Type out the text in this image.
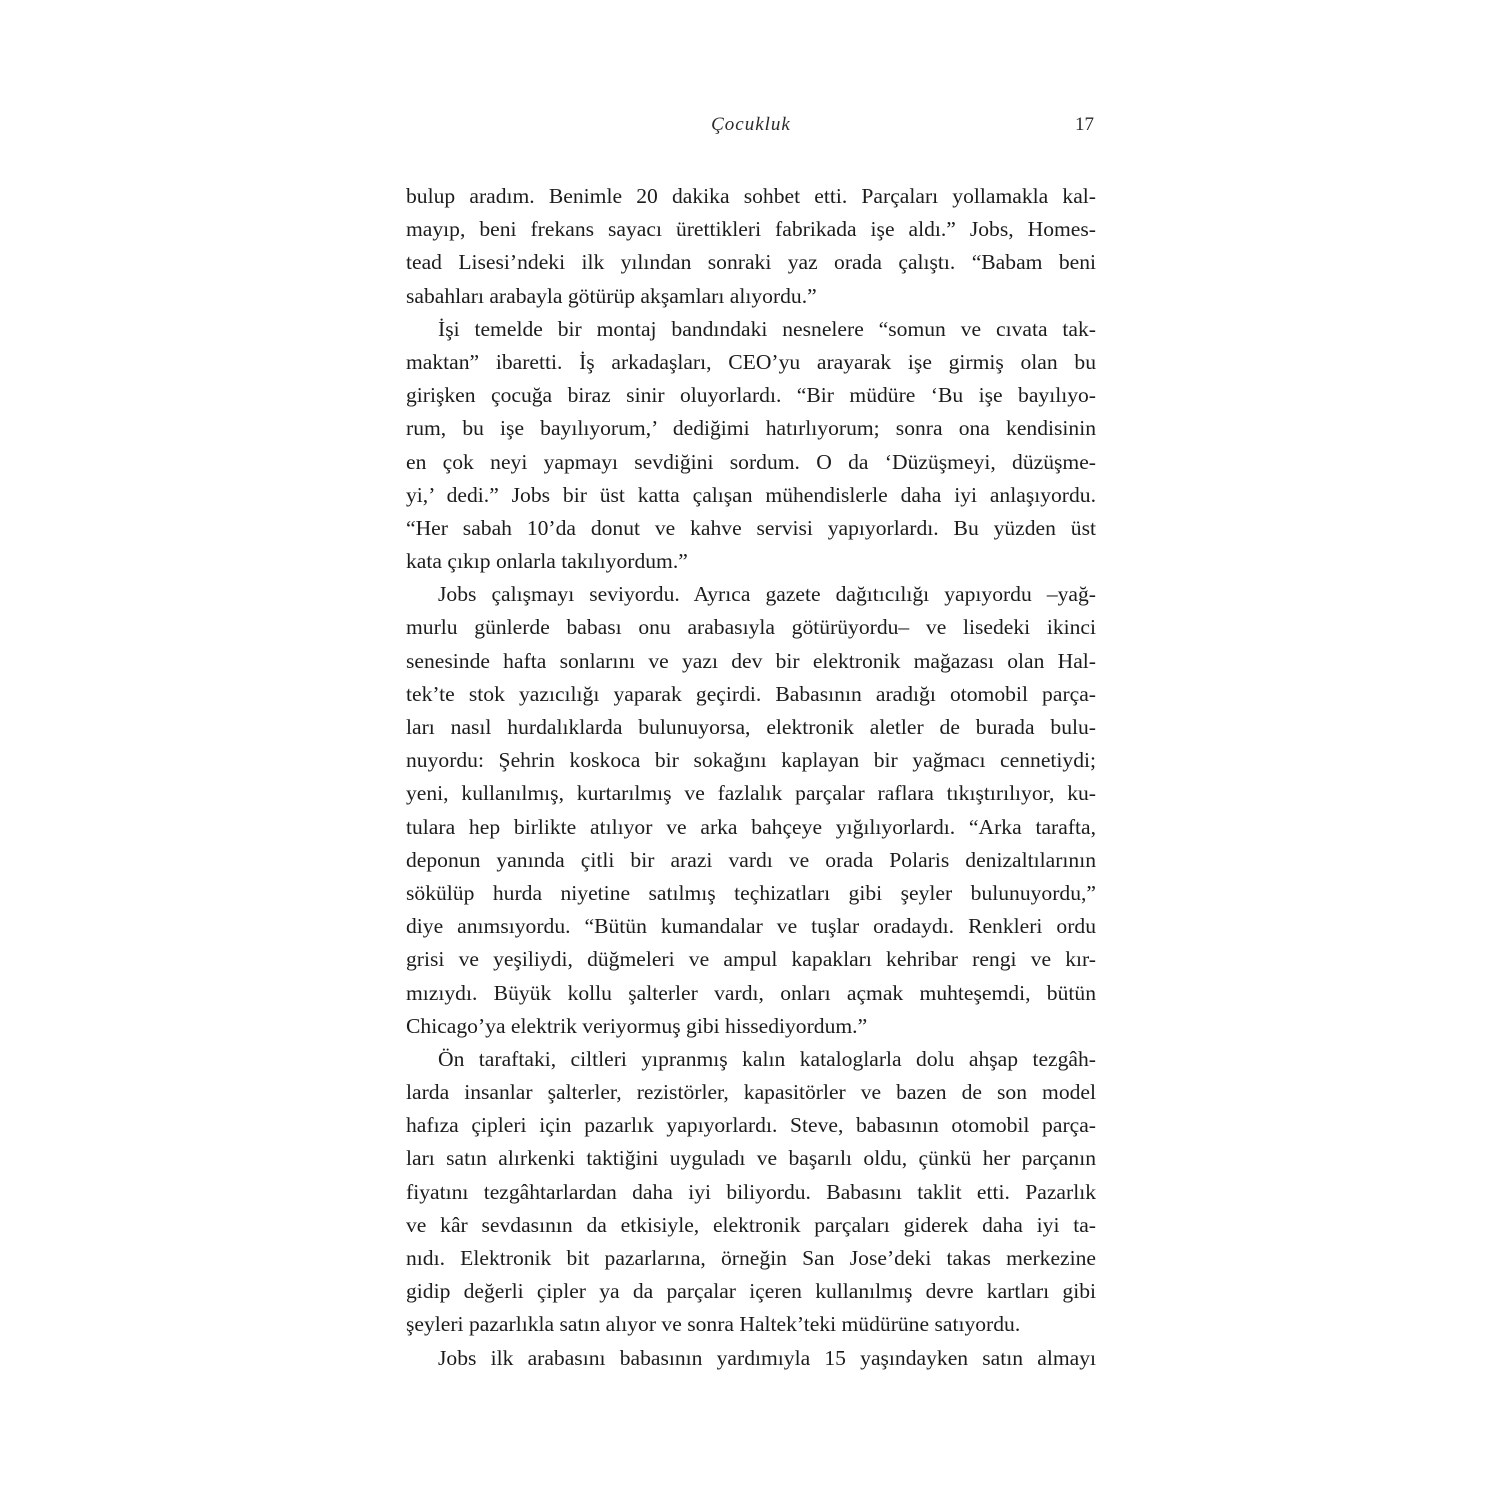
Çocukluk	17
bulup aradım. Benimle 20 dakika sohbet etti. Parçaları yollamakla kal-
mayıp, beni frekans sayacı ürettikleri fabrikada işe aldı.” Jobs, Homes-
tead Lisesi’ndeki ilk yılından sonraki yaz orada çalıştı. “Babam beni
sabahları arabayla götürüp akşamları alıyordu.”
İşi temelde bir montaj bandındaki nesnelere “somun ve cıvata tak-
maktan” ibaretti. İş arkadaşları, CEO’yu arayarak işe girmiş olan bu
girişken çocuğa biraz sinir oluyorlardı. “Bir müdüre ‘Bu işe bayılıyo-
rum, bu işe bayılıyorum,’ dediğimi hatırlıyorum; sonra ona kendisinin
en çok neyi yapmayı sevdiğini sordum. O da ‘Düzüşmeyi, düzüşme-
yi,’ dedi.” Jobs bir üst katta çalışan mühendislerle daha iyi anlaşıyordu.
“Her sabah 10’da donut ve kahve servisi yapıyorlardı. Bu yüzden üst
kata çıkıp onlarla takılıyordum.”
Jobs çalışmayı seviyordu. Ayrıca gazete dağıtıcılığı yapıyordu –yağ-
murlu günlerde babası onu arabasıyla götürüyordu– ve lisedeki ikinci
senesinde hafta sonlarını ve yazı dev bir elektronik mağazası olan Hal-
tek’te stok yazıcılığı yaparak geçirdi. Babasının aradığı otomobil parça-
ları nasıl hurdalıklarda bulunuyorsa, elektronik aletler de burada bulu-
nuyordu: Şehrin koskoca bir sokağını kaplayan bir yağmacı cennetiydi;
yeni, kullanılmış, kurtarılmış ve fazlalık parçalar raflara tıkıştırılıyor, ku-
tulara hep birlikte atılıyor ve arka bahçeye yığılıyorlardı. “Arka tarafta,
deponun yanında çitli bir arazi vardı ve orada Polaris denizaltılarının
sökülüp hurda niyetine satılmış teçhizatları gibi şeyler bulunuyordu,”
diye anımsıyordu. “Bütün kumandalar ve tuşlar oradaydı. Renkleri ordu
grisi ve yeşiliydi, düğmeleri ve ampul kapakları kehribar rengi ve kır-
mızıydı. Büyük kollu şalterler vardı, onları açmak muhteşemdi, bütün
Chicago’ya elektrik veriyormuş gibi hissediyordum.”
Ön taraftaki, ciltleri yıpranmış kalın kataloglarla dolu ahşap tezgâh-
larda insanlar şalterler, rezistörler, kapasitörler ve bazen de son model
hafıza çipleri için pazarlık yapıyorlardı. Steve, babasının otomobil parça-
ları satın alırkenki taktiğini uyguladı ve başarılı oldu, çünkü her parçanın
fiyatını tezgâhtarlardan daha iyi biliyordu. Babasını taklit etti. Pazarlık
ve kâr sevdasının da etkisiyle, elektronik parçaları giderek daha iyi ta-
nıdı. Elektronik bit pazarlarına, örneğin San Jose’deki takas merkezine
gidip değerli çipler ya da parçalar içeren kullanılmış devre kartları gibi
şeyleri pazarlıkla satın alıyor ve sonra Haltek’teki müdürüne satıyordu.
Jobs ilk arabasını babasının yardımıyla 15 yaşındayken satın almayı
